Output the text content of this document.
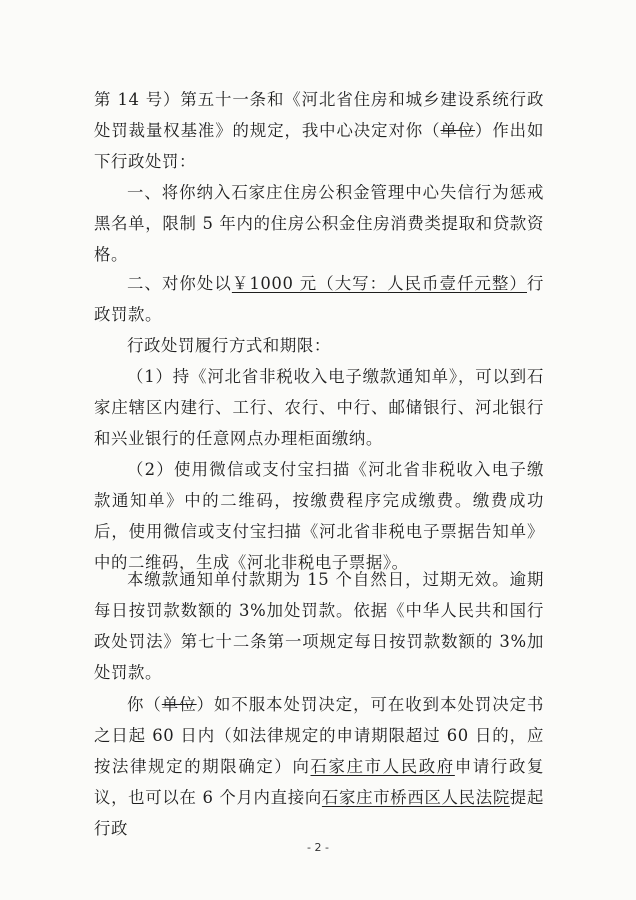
第 14 号）第五十一条和《河北省住房和城乡建设系统行政处罚裁量权基准》的规定，我中心决定对你（单位）作出如下行政处罚：

一、将你纳入石家庄住房公积金管理中心失信行为惩戒黑名单，限制 5 年内的住房公积金住房消费类提取和贷款资格。

二、对你处以￥1000 元（大写：人民币壹仟元整）行政罚款。

行政处罚履行方式和期限：

（1）持《河北省非税收入电子缴款通知单》，可以到石家庄辖区内建行、工行、农行、中行、邮储银行、河北银行和兴业银行的任意网点办理柜面缴纳。

（2）使用微信或支付宝扫描《河北省非税收入电子缴款通知单》中的二维码，按缴费程序完成缴费。缴费成功后，使用微信或支付宝扫描《河北省非税电子票据告知单》中的二维码，生成《河北非税电子票据》。

本缴款通知单付款期为 15 个自然日，过期无效。逾期每日按罚款数额的 3%加处罚款。依据《中华人民共和国行政处罚法》第七十二条第一项规定每日按罚款数额的 3%加处罚款。

你（单位）如不服本处罚决定，可在收到本处罚决定书之日起 60 日内（如法律规定的申请期限超过 60 日的，应按法律规定的期限确定）向石家庄市人民政府申请行政复议，也可以在 6 个月内直接向石家庄市桥西区人民法院提起行政

- 2 -
